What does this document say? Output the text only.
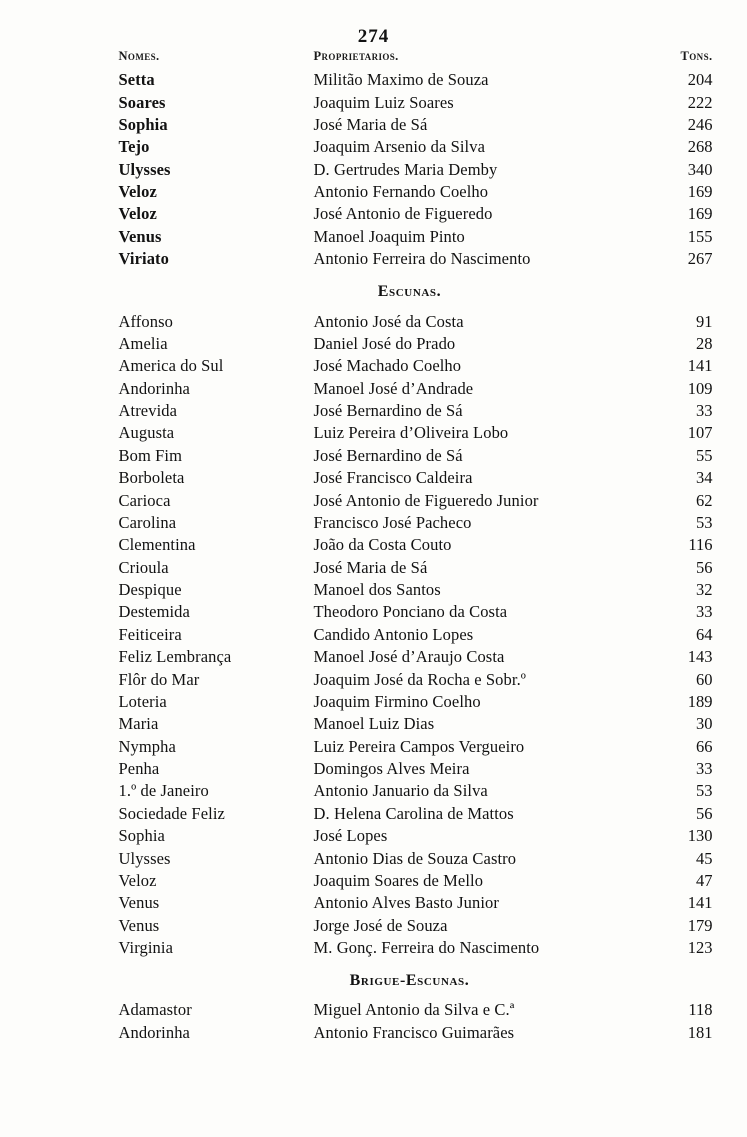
274
Nomes.	Proprietarios.	Tons.
Setta	Militão Maximo de Souza	204
Soares	Joaquim Luiz Soares	222
Sophia	José Maria de Sá	246
Tejo	Joaquim Arsenio da Silva	268
Ulysses	D. Gertrudes Maria Demby	340
Veloz	Antonio Fernando Coelho	169
Veloz	José Antonio de Figueredo	169
Venus	Manoel Joaquim Pinto	155
Viriato	Antonio Ferreira do Nascimento	267
Escunas.		
Affonso	Antonio José da Costa	91
Amelia	Daniel José do Prado	28
America do Sul	José Machado Coelho	141
Andorinha	Manoel José d’Andrade	109
Atrevida	José Bernardino de Sá	33
Augusta	Luiz Pereira d’Oliveira Lobo	107
Bom Fim	José Bernardino de Sá	55
Borboleta	José Francisco Caldeira	34
Carioca	José Antonio de Figueredo Junior	62
Carolina	Francisco José Pacheco	53
Clementina	João da Costa Couto	116
Crioula	José Maria de Sá	56
Despique	Manoel dos Santos	32
Destemida	Theodoro Ponciano da Costa	33
Feiticeira	Candido Antonio Lopes	64
Feliz Lembrança	Manoel José d’Araujo Costa	143
Flôr do Mar	Joaquim José da Rocha e Sobr.º	60
Loteria	Joaquim Firmino Coelho	189
Maria	Manoel Luiz Dias	30
Nympha	Luiz Pereira Campos Vergueiro	66
Penha	Domingos Alves Meira	33
1.º de Janeiro	Antonio Januario da Silva	53
Sociedade Feliz	D. Helena Carolina de Mattos	56
Sophia	José Lopes	130
Ulysses	Antonio Dias de Souza Castro	45
Veloz	Joaquim Soares de Mello	47
Venus	Antonio Alves Basto Junior	141
Venus	Jorge José de Souza	179
Virginia	M. Gonç. Ferreira do Nascimento	123
Brigue-Escunas.		
Adamastor	Miguel Antonio da Silva e C.ª	118
Andorinha	Antonio Francisco Guimarães	181
